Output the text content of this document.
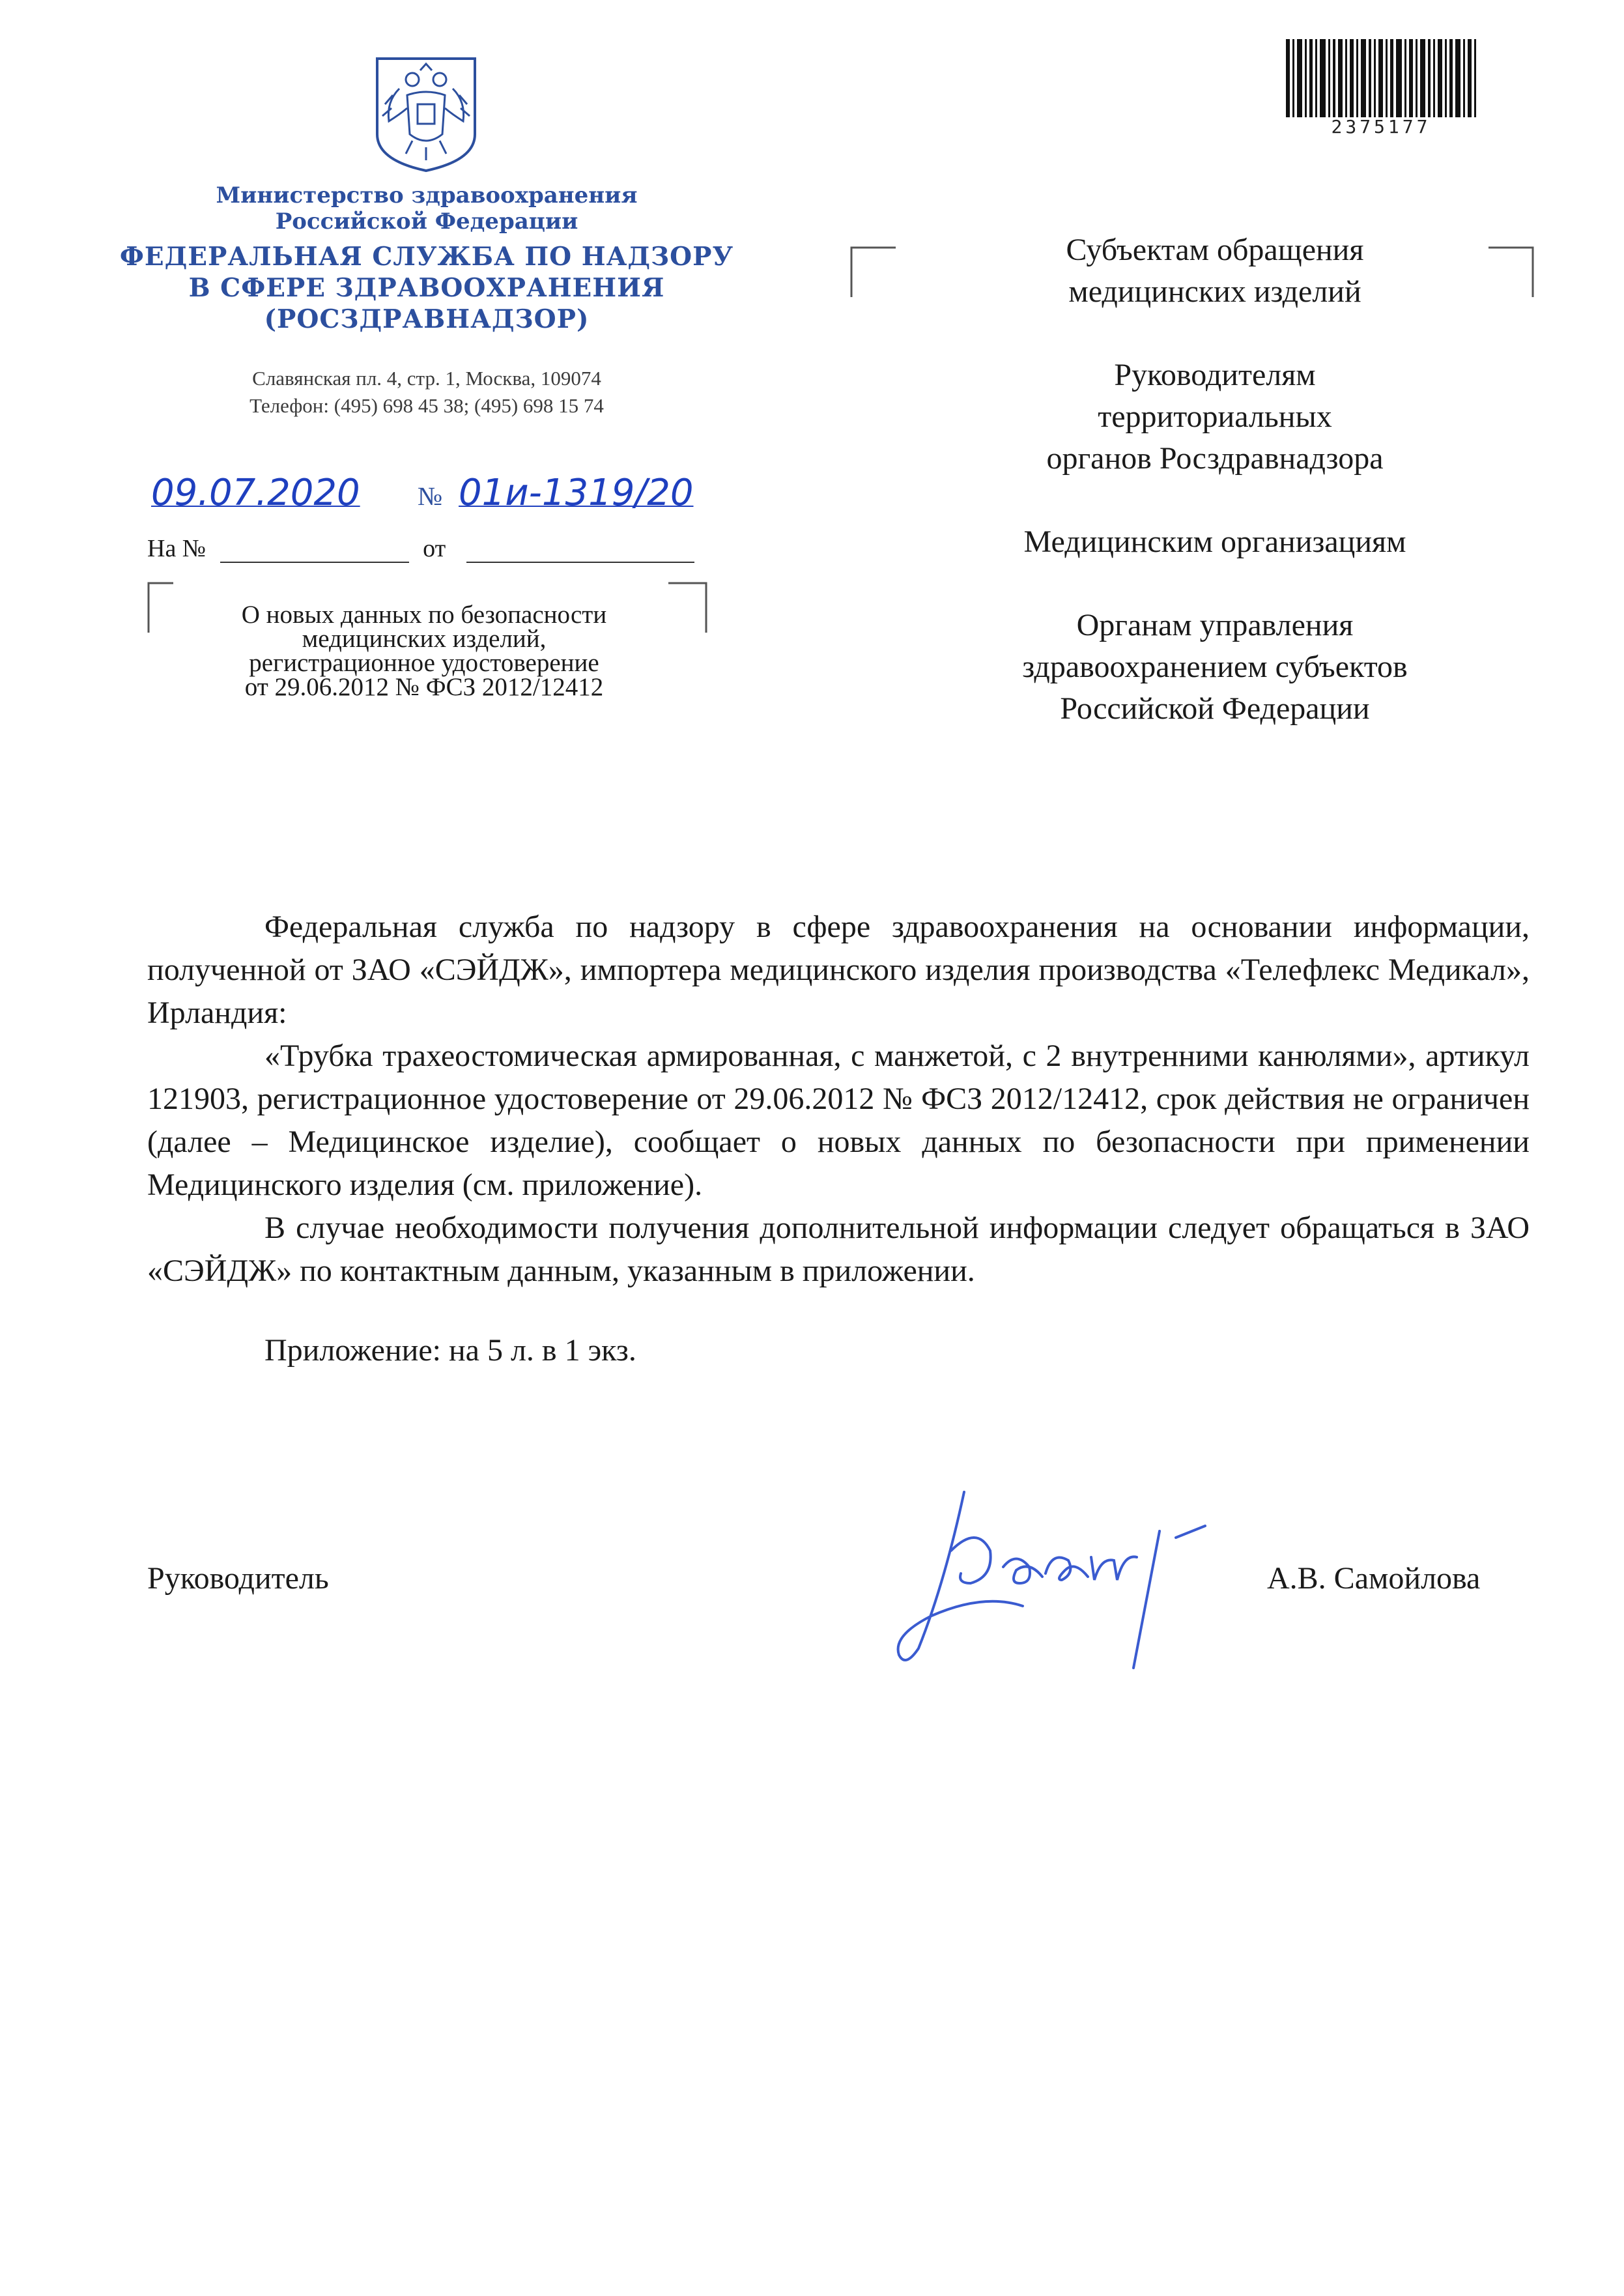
Министерство здравоохранения
Российской Федерации
ФЕДЕРАЛЬНАЯ СЛУЖБА ПО НАДЗОРУ
В СФЕРЕ ЗДРАВООХРАНЕНИЯ
(РОСЗДРАВНАДЗОР)
Славянская пл. 4, стр. 1, Москва, 109074
Телефон: (495) 698 45 38; (495) 698 15 74
09.07.2020 № 01и-1319/20
На №	от
О новых данных по безопасности
медицинских изделий,
регистрационное удостоверение
от 29.06.2012 № ФСЗ 2012/12412
2375177
Субъектам обращения
медицинских изделий
Руководителям
территориальных
органов Росздравнадзора
Медицинским организациям
Органам управления
здравоохранением субъектов
Российской Федерации

Федеральная служба по надзору в сфере здравоохранения на основании информации, полученной от ЗАО «СЭЙДЖ», импортера медицинского изделия производства «Телефлекс Медикал», Ирландия:

«Трубка трахеостомическая армированная, с манжетой, с 2 внутренними канюлями», артикул 121903, регистрационное удостоверение от 29.06.2012 № ФСЗ 2012/12412, срок действия не ограничен (далее – Медицинское изделие), сообщает о новых данных по безопасности при применении Медицинского изделия (см. приложение).

В случае необходимости получения дополнительной информации следует обращаться в ЗАО «СЭЙДЖ» по контактным данным, указанным в приложении.

Приложение: на 5 л. в 1 экз.

Руководитель	А.В. Самойлова
